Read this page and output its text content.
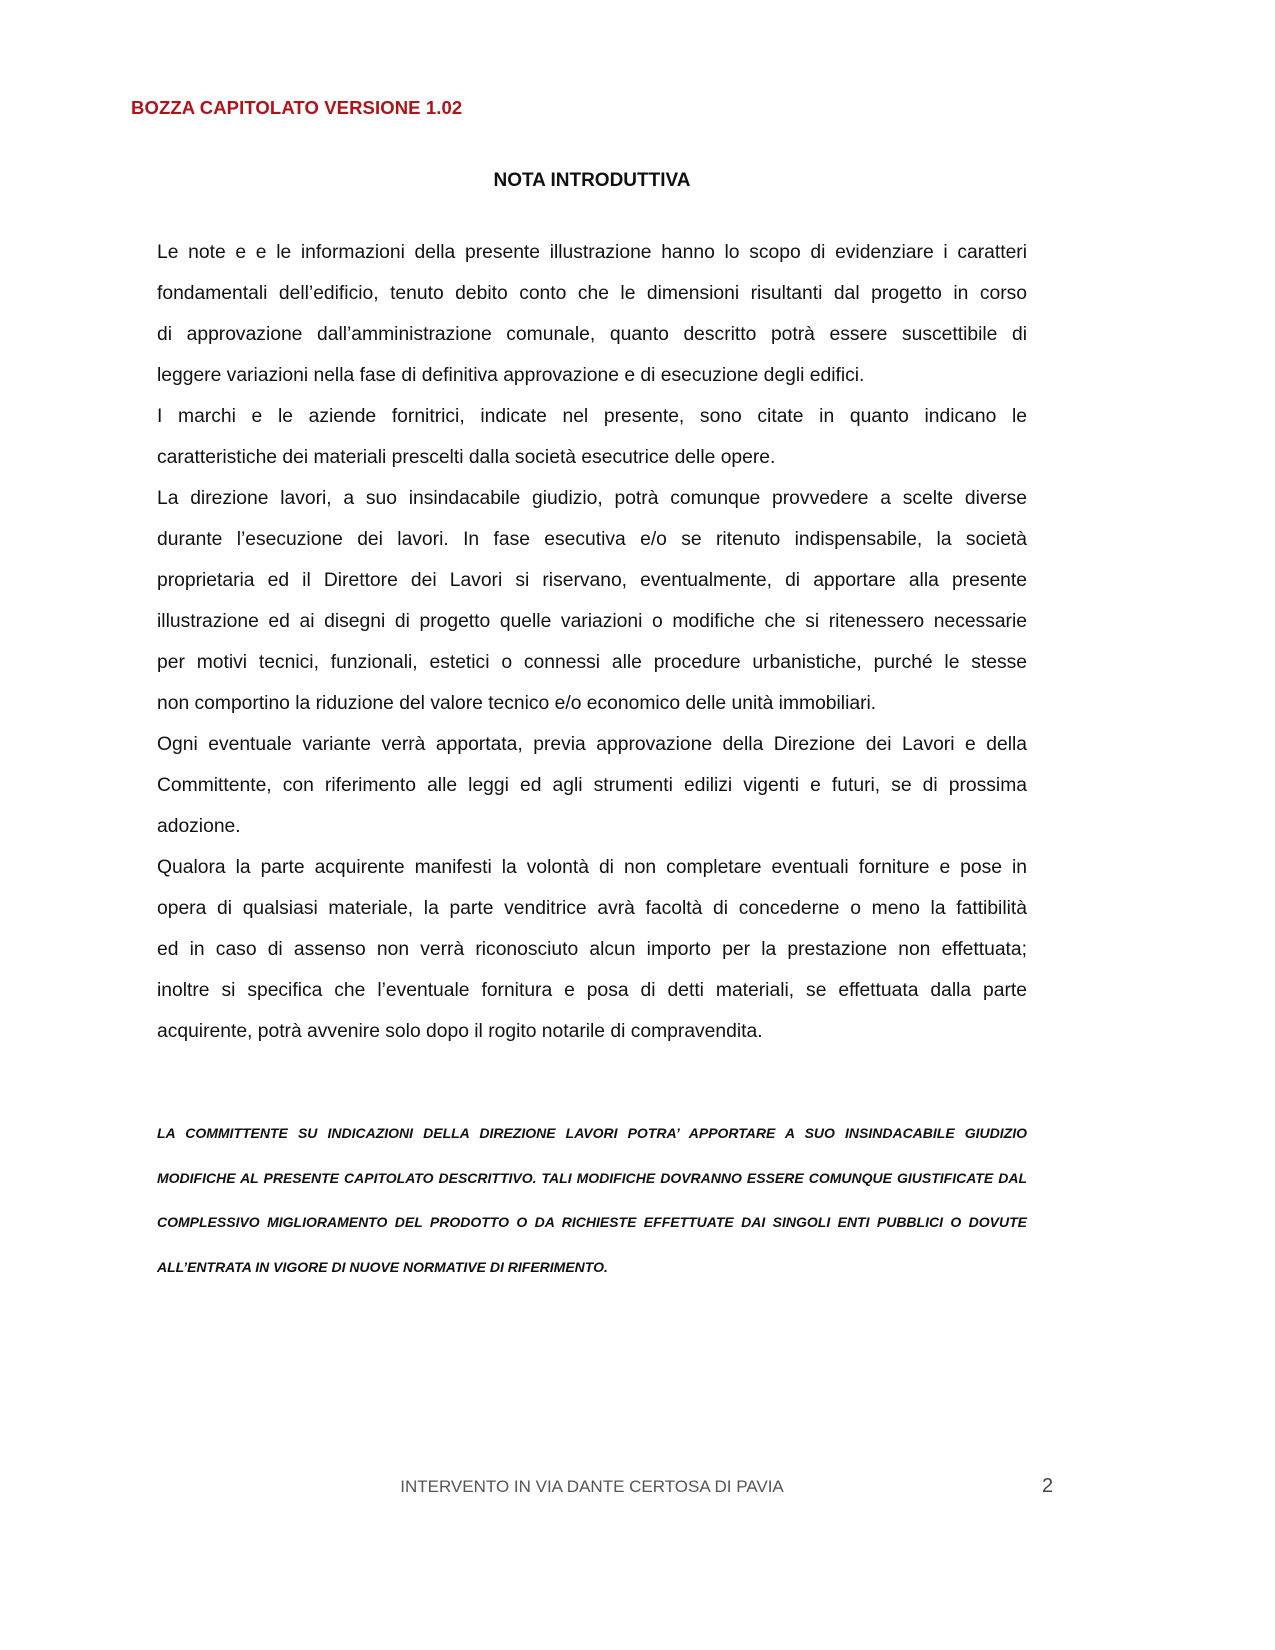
BOZZA CAPITOLATO VERSIONE 1.02
NOTA INTRODUTTIVA
Le note e e le informazioni della presente illustrazione hanno lo scopo di evidenziare i caratteri
fondamentali dell’edificio, tenuto debito conto che le dimensioni risultanti dal progetto in corso
di approvazione dall’amministrazione comunale, quanto descritto potrà essere suscettibile di
leggere variazioni nella fase di definitiva approvazione e di esecuzione degli edifici.
I marchi e le aziende fornitrici, indicate nel presente, sono citate in quanto indicano le
caratteristiche dei materiali prescelti dalla società esecutrice delle opere.
La direzione lavori, a suo insindacabile giudizio, potrà comunque provvedere a scelte diverse
durante l’esecuzione dei lavori. In fase esecutiva e/o se ritenuto indispensabile, la società
proprietaria ed il Direttore dei Lavori si riservano, eventualmente, di apportare alla presente
illustrazione ed ai disegni di progetto quelle variazioni o modifiche che si ritenessero necessarie
per motivi tecnici, funzionali, estetici o connessi alle procedure urbanistiche, purché le stesse
non comportino la riduzione del valore tecnico e/o economico delle unità immobiliari.
Ogni eventuale variante verrà apportata, previa approvazione della Direzione dei Lavori e della
Committente, con riferimento alle leggi ed agli strumenti edilizi vigenti e futuri, se di prossima
adozione.
Qualora la parte acquirente manifesti la volontà di non completare eventuali forniture e pose in
opera di qualsiasi materiale, la parte venditrice avrà facoltà di concederne o meno la fattibilità
ed in caso di assenso non verrà riconosciuto alcun importo per la prestazione non effettuata;
inoltre si specifica che l’eventuale fornitura e posa di detti materiali, se effettuata dalla parte
acquirente, potrà avvenire solo dopo il rogito notarile di compravendita.
LA COMMITTENTE SU INDICAZIONI DELLA DIREZIONE LAVORI POTRA’ APPORTARE A SUO INSINDACABILE GIUDIZIO
MODIFICHE AL PRESENTE CAPITOLATO DESCRITTIVO. TALI MODIFICHE DOVRANNO ESSERE COMUNQUE GIUSTIFICATE DAL
COMPLESSIVO MIGLIORAMENTO DEL PRODOTTO O DA RICHIESTE EFFETTUATE DAI SINGOLI ENTI PUBBLICI O DOVUTE
ALL’ENTRATA IN VIGORE DI NUOVE NORMATIVE DI RIFERIMENTO.
INTERVENTO IN VIA DANTE CERTOSA DI PAVIA	2
